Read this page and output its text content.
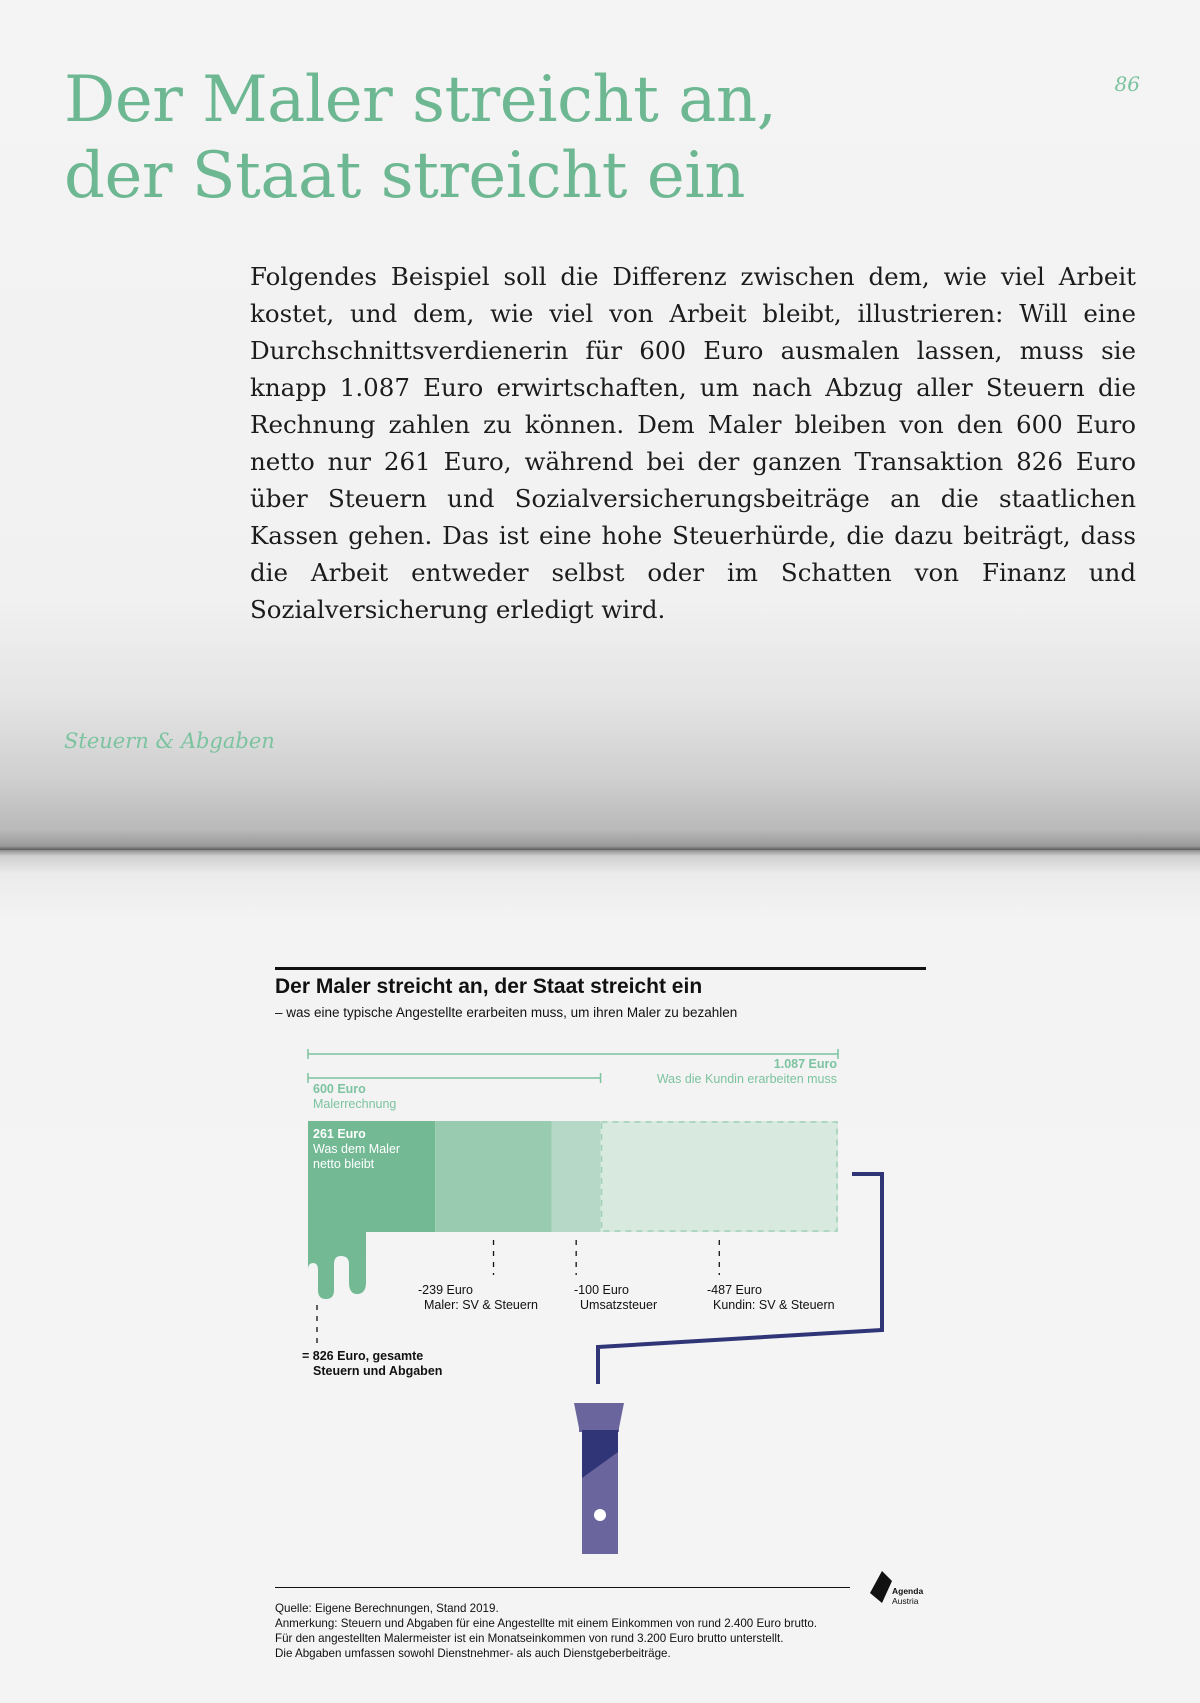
Der Maler streicht an,
der Staat streicht ein
86

Folgendes Beispiel soll die Differenz zwischen dem, wie viel Arbeit kostet, und dem, wie viel von Arbeit bleibt, illustrieren: Will eine Durchschnittsverdienerin für 600 Euro ausmalen lassen, muss sie knapp 1.087 Euro erwirtschaften, um nach Abzug aller Steuern die Rechnung zahlen zu können. Dem Maler bleiben von den 600 Euro netto nur 261 Euro, während bei der ganzen Transaktion 826 Euro über Steuern und Sozialversicherungsbeiträge an die staatlichen Kassen gehen. Das ist eine hohe Steuerhürde, die dazu beiträgt, dass die Arbeit entweder selbst oder im Schatten von Finanz und Sozialversicherung erledigt wird.

Steuern & Abgaben
Der Maler streicht an, der Staat streicht ein
– was eine typische Angestellte erarbeiten muss, um ihren Maler zu bezahlen
1.087 Euro
Was die Kundin erarbeiten muss
600 Euro
Malerrechnung
261 Euro
Was dem Maler
netto bleibt
-239 Euro
Maler: SV & Steuern
-100 Euro
Umsatzsteuer
-487 Euro
Kundin: SV & Steuern
= 826 Euro, gesamte
Steuern und Abgaben
Agenda
Austria
Quelle: Eigene Berechnungen, Stand 2019.
Anmerkung: Steuern und Abgaben für eine Angestellte mit einem Einkommen von rund 2.400 Euro brutto.
Für den angestellten Malermeister ist ein Monatseinkommen von rund 3.200 Euro brutto unterstellt.
Die Abgaben umfassen sowohl Dienstnehmer- als auch Dienstgeberbeiträge.
